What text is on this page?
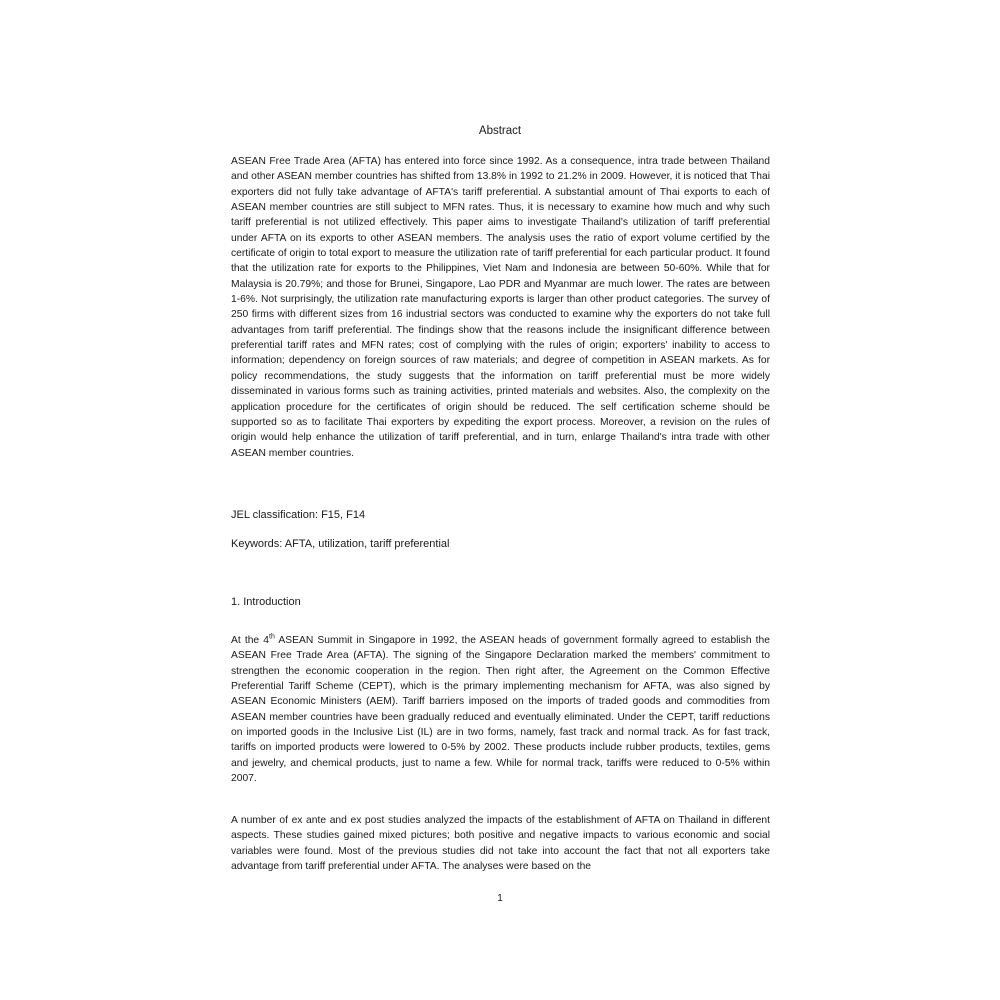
Abstract
ASEAN Free Trade Area (AFTA) has entered into force since 1992. As a consequence, intra trade between Thailand and other ASEAN member countries has shifted from 13.8% in 1992 to 21.2% in 2009. However, it is noticed that Thai exporters did not fully take advantage of AFTA's tariff preferential. A substantial amount of Thai exports to each of ASEAN member countries are still subject to MFN rates. Thus, it is necessary to examine how much and why such tariff preferential is not utilized effectively. This paper aims to investigate Thailand's utilization of tariff preferential under AFTA on its exports to other ASEAN members. The analysis uses the ratio of export volume certified by the certificate of origin to total export to measure the utilization rate of tariff preferential for each particular product. It found that the utilization rate for exports to the Philippines, Viet Nam and Indonesia are between 50-60%. While that for Malaysia is 20.79%; and those for Brunei, Singapore, Lao PDR and Myanmar are much lower. The rates are between 1-6%. Not surprisingly, the utilization rate manufacturing exports is larger than other product categories. The survey of 250 firms with different sizes from 16 industrial sectors was conducted to examine why the exporters do not take full advantages from tariff preferential. The findings show that the reasons include the insignificant difference between preferential tariff rates and MFN rates; cost of complying with the rules of origin; exporters' inability to access to information; dependency on foreign sources of raw materials; and degree of competition in ASEAN markets. As for policy recommendations, the study suggests that the information on tariff preferential must be more widely disseminated in various forms such as training activities, printed materials and websites. Also, the complexity on the application procedure for the certificates of origin should be reduced. The self certification scheme should be supported so as to facilitate Thai exporters by expediting the export process. Moreover, a revision on the rules of origin would help enhance the utilization of tariff preferential, and in turn, enlarge Thailand's intra trade with other ASEAN member countries.
JEL classification: F15, F14
Keywords: AFTA, utilization, tariff preferential
1. Introduction
At the 4th ASEAN Summit in Singapore in 1992, the ASEAN heads of government formally agreed to establish the ASEAN Free Trade Area (AFTA). The signing of the Singapore Declaration marked the members' commitment to strengthen the economic cooperation in the region. Then right after, the Agreement on the Common Effective Preferential Tariff Scheme (CEPT), which is the primary implementing mechanism for AFTA, was also signed by ASEAN Economic Ministers (AEM). Tariff barriers imposed on the imports of traded goods and commodities from ASEAN member countries have been gradually reduced and eventually eliminated. Under the CEPT, tariff reductions on imported goods in the Inclusive List (IL) are in two forms, namely, fast track and normal track. As for fast track, tariffs on imported products were lowered to 0-5% by 2002. These products include rubber products, textiles, gems and jewelry, and chemical products, just to name a few. While for normal track, tariffs were reduced to 0-5% within 2007.
A number of ex ante and ex post studies analyzed the impacts of the establishment of AFTA on Thailand in different aspects. These studies gained mixed pictures; both positive and negative impacts to various economic and social variables were found. Most of the previous studies did not take into account the fact that not all exporters take advantage from tariff preferential under AFTA. The analyses were based on the
1
